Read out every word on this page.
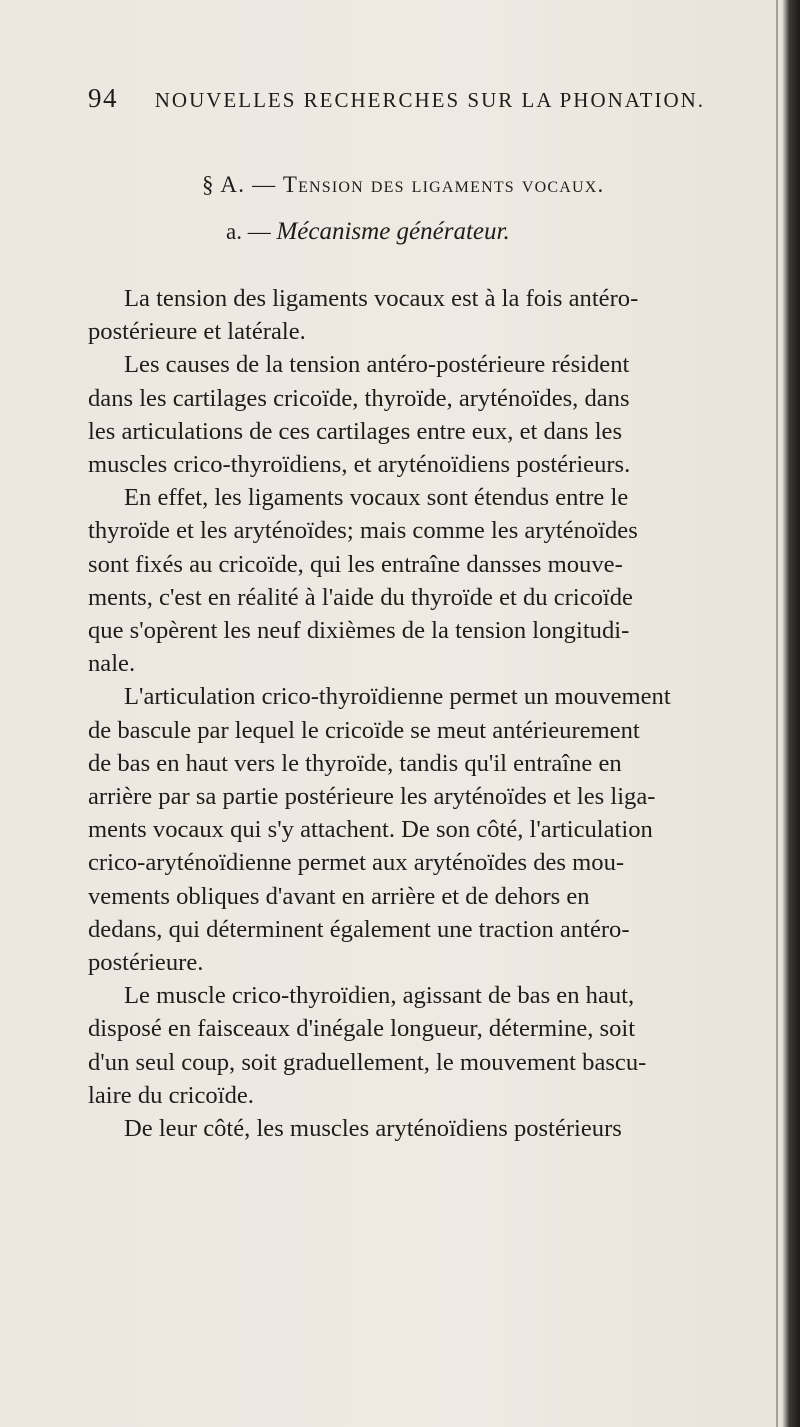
94 NOUVELLES RECHERCHES SUR LA PHONATION.
§ A. — Tension des ligaments vocaux.
a. — Mécanisme générateur.

La tension des ligaments vocaux est à la fois antéro-
postérieure et latérale.

Les causes de la tension antéro-postérieure résident
dans les cartilages cricoïde, thyroïde, aryténoïdes, dans
les articulations de ces cartilages entre eux, et dans les
muscles crico-thyroïdiens, et aryténoïdiens postérieurs.

En effet, les ligaments vocaux sont étendus entre le
thyroïde et les aryténoïdes; mais comme les aryténoïdes
sont fixés au cricoïde, qui les entraîne dansses mouve-
ments, c'est en réalité à l'aide du thyroïde et du cricoïde
que s'opèrent les neuf dixièmes de la tension longitudi-
nale.

L'articulation crico-thyroïdienne permet un mouvement
de bascule par lequel le cricoïde se meut antérieurement
de bas en haut vers le thyroïde, tandis qu'il entraîne en
arrière par sa partie postérieure les aryténoïdes et les liga-
ments vocaux qui s'y attachent. De son côté, l'articulation
crico-aryténoïdienne permet aux aryténoïdes des mou-
vements obliques d'avant en arrière et de dehors en
dedans, qui déterminent également une traction antéro-
postérieure.

Le muscle crico-thyroïdien, agissant de bas en haut,
disposé en faisceaux d'inégale longueur, détermine, soit
d'un seul coup, soit graduellement, le mouvement bascu-
laire du cricoïde.

De leur côté, les muscles aryténoïdiens postérieurs
